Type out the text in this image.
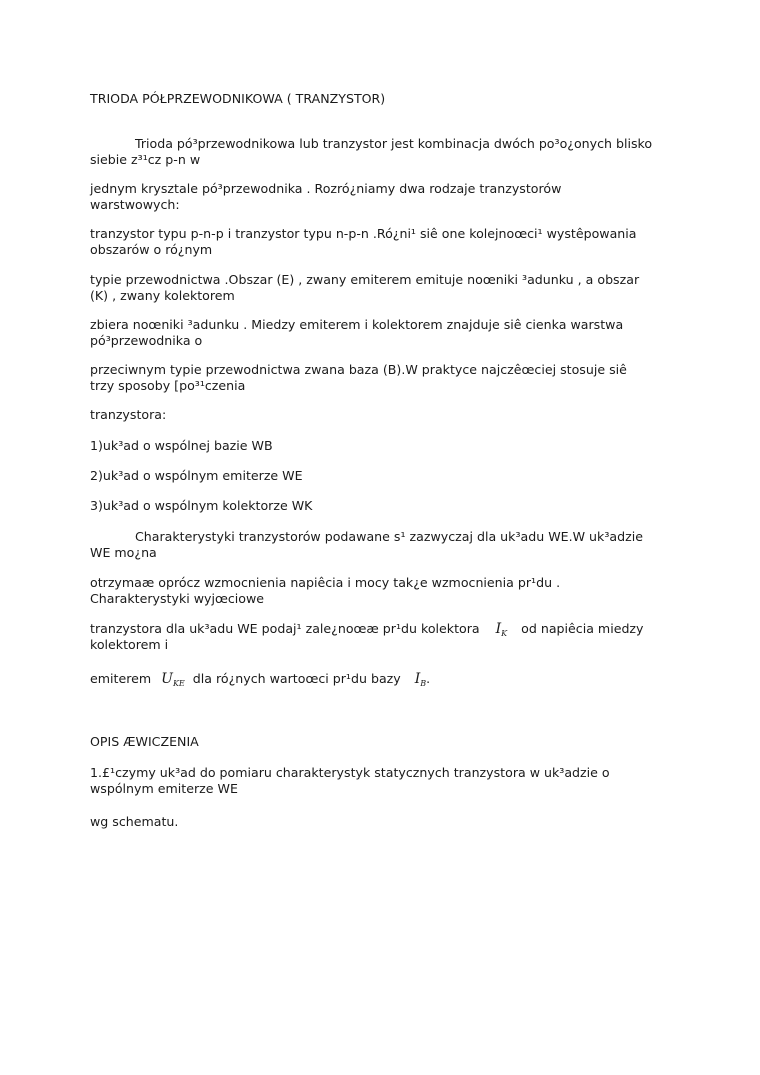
TRIODA PÓŁPRZEWODNIKOWA ( TRANZYSTOR)

Trioda pó³przewodnikowa lub tranzystor jest kombinacja dwóch po³o¿onych blisko

siebie z³¹cz p-n w

jednym krysztale pó³przewodnika . Rozró¿niamy dwa rodzaje tranzystorów

warstwowych:

tranzystor typu p-n-p i tranzystor typu n-p-n .Ró¿ni¹ siê one kolejnoœci¹ wystêpowania

obszarów o ró¿nym

typie przewodnictwa .Obszar (E) , zwany emiterem emituje noœniki ³adunku , a obszar

(K) , zwany kolektorem

zbiera noœniki ³adunku . Miedzy emiterem i kolektorem znajduje siê cienka warstwa

pó³przewodnika o

przeciwnym typie przewodnictwa zwana baza (B).W praktyce najczêœciej stosuje siê

trzy sposoby [po³¹czenia

tranzystora:

1)uk³ad o wspólnej bazie WB

2)uk³ad o wspólnym emiterze WE

3)uk³ad o wspólnym kolektorze WK

Charakterystyki tranzystorów podawane s¹ zazwyczaj dla uk³adu WE.W uk³adzie

WE mo¿na

otrzymaæ oprócz wzmocnienia napiêcia i mocy tak¿e wzmocnienia pr¹du .

Charakterystyki wyjœciowe

tranzystora dla uk³adu WE podaj¹ zale¿noœæ pr¹du kolektora $I_K$ od napiêcia miedzy

kolektorem i

emiterem $U_{KE}$ dla ró¿nych wartoœci pr¹du bazy $I_B$.

OPIS ÆWICZENIA

1.£¹czymy uk³ad do pomiaru charakterystyk statycznych tranzystora w uk³adzie o

wspólnym emiterze WE

wg schematu.
